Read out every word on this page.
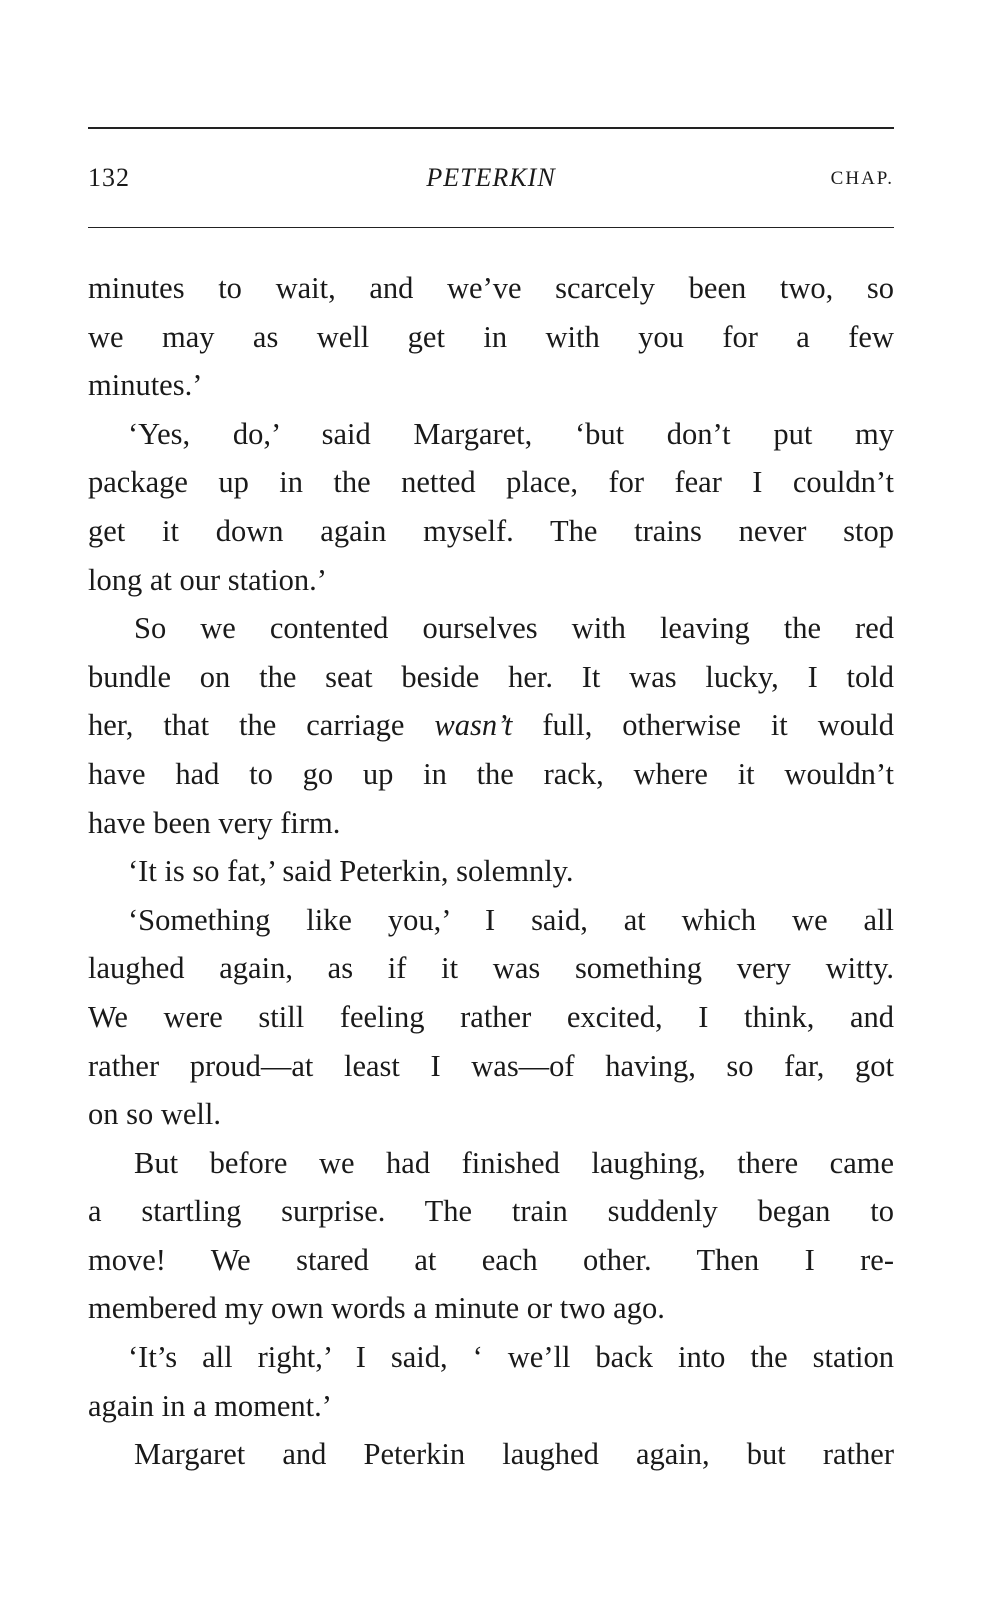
132	PETERKIN	CHAP.
minutes to wait, and we’ve scarcely been two, so
we may as well get in with you for a few
minutes.’
‘Yes, do,’ said Margaret, ‘but don’t put my
package up in the netted place, for fear I couldn’t
get it down again myself. The trains never stop
long at our station.’
So we contented ourselves with leaving the red
bundle on the seat beside her. It was lucky, I told
her, that the carriage wasn’t full, otherwise it would
have had to go up in the rack, where it wouldn’t
have been very firm.
‘It is so fat,’ said Peterkin, solemnly.
‘Something like you,’ I said, at which we all
laughed again, as if it was something very witty.
We were still feeling rather excited, I think, and
rather proud—at least I was—of having, so far, got
on so well.
But before we had finished laughing, there came
a startling surprise. The train suddenly began to
move! We stared at each other. Then I re-
membered my own words a minute or two ago.
‘It’s all right,’ I said, ‘ we’ll back into the station
again in a moment.’
Margaret and Peterkin laughed again, but rather
